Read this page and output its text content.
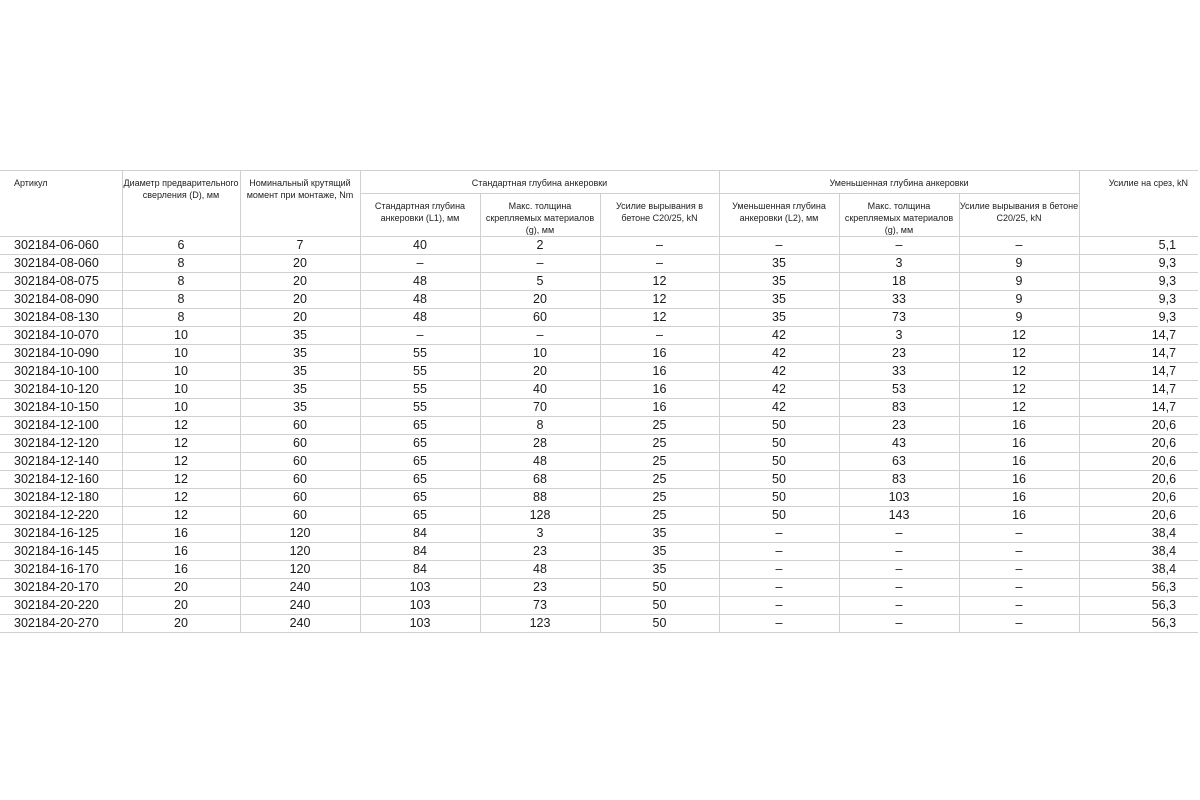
Артикул	Диаметр предварительного сверления (D), мм	Номинальный крутящий момент при монтаже, Nm	Стандартная глубина анкеровки			Уменьшенная глубина анкеровки			Усилие на срез, kN
			Стандартная глубина анкеровки (L1), мм	Макс. толщина скрепляемых материалов (g), мм	Усилие вырывания в бетоне C20/25, kN	Уменьшенная глубина анкеровки (L2), мм	Макс. толщина скрепляемых материалов (g), мм	Усилие вырывания в бетоне C20/25, kN	
302184-06-060	6	7	40	2	–	–	–	–	5,1
302184-08-060	8	20	–	–	–	35	3	9	9,3
302184-08-075	8	20	48	5	12	35	18	9	9,3
302184-08-090	8	20	48	20	12	35	33	9	9,3
302184-08-130	8	20	48	60	12	35	73	9	9,3
302184-10-070	10	35	–	–	–	42	3	12	14,7
302184-10-090	10	35	55	10	16	42	23	12	14,7
302184-10-100	10	35	55	20	16	42	33	12	14,7
302184-10-120	10	35	55	40	16	42	53	12	14,7
302184-10-150	10	35	55	70	16	42	83	12	14,7
302184-12-100	12	60	65	8	25	50	23	16	20,6
302184-12-120	12	60	65	28	25	50	43	16	20,6
302184-12-140	12	60	65	48	25	50	63	16	20,6
302184-12-160	12	60	65	68	25	50	83	16	20,6
302184-12-180	12	60	65	88	25	50	103	16	20,6
302184-12-220	12	60	65	128	25	50	143	16	20,6
302184-16-125	16	120	84	3	35	–	–	–	38,4
302184-16-145	16	120	84	23	35	–	–	–	38,4
302184-16-170	16	120	84	48	35	–	–	–	38,4
302184-20-170	20	240	103	23	50	–	–	–	56,3
302184-20-220	20	240	103	73	50	–	–	–	56,3
302184-20-270	20	240	103	123	50	–	–	–	56,3
